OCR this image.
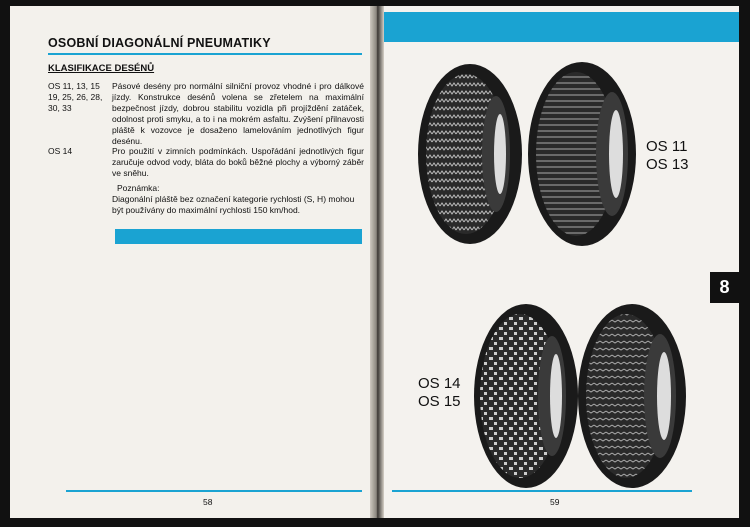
OSOBNÍ DIAGONÁLNÍ PNEUMATIKY
KLASIFIKACE DESÉNŮ
OS 11, 13, 15 19, 25, 26, 28, 30, 33
Pásové desény pro normální silniční provoz vhodné i pro dálkové jízdy. Konstrukce desénů volena se zřetelem na maximální bezpečnost jízdy, dobrou stabilitu vozidla při projíždění zatáček, odolnost proti smyku, a to i na mokrém asfaltu. Zvýšení přilnavosti pláště k vozovce je dosaženo lamelováním jednotlivých figur desénu.
OS 14	Pro použití v zimních podmínkách. Uspořádání jednotlivých figur zaručuje odvod vody, bláta do boků běžné plochy a výborný záběr ve sněhu.
Poznámka:
Diagonální pláště bez označení kategorie rychlosti (S, H) mohou být používány do maximální rychlosti 150 km/hod.
58
OS 11
OS 13
OS 14
OS 15
8
59
